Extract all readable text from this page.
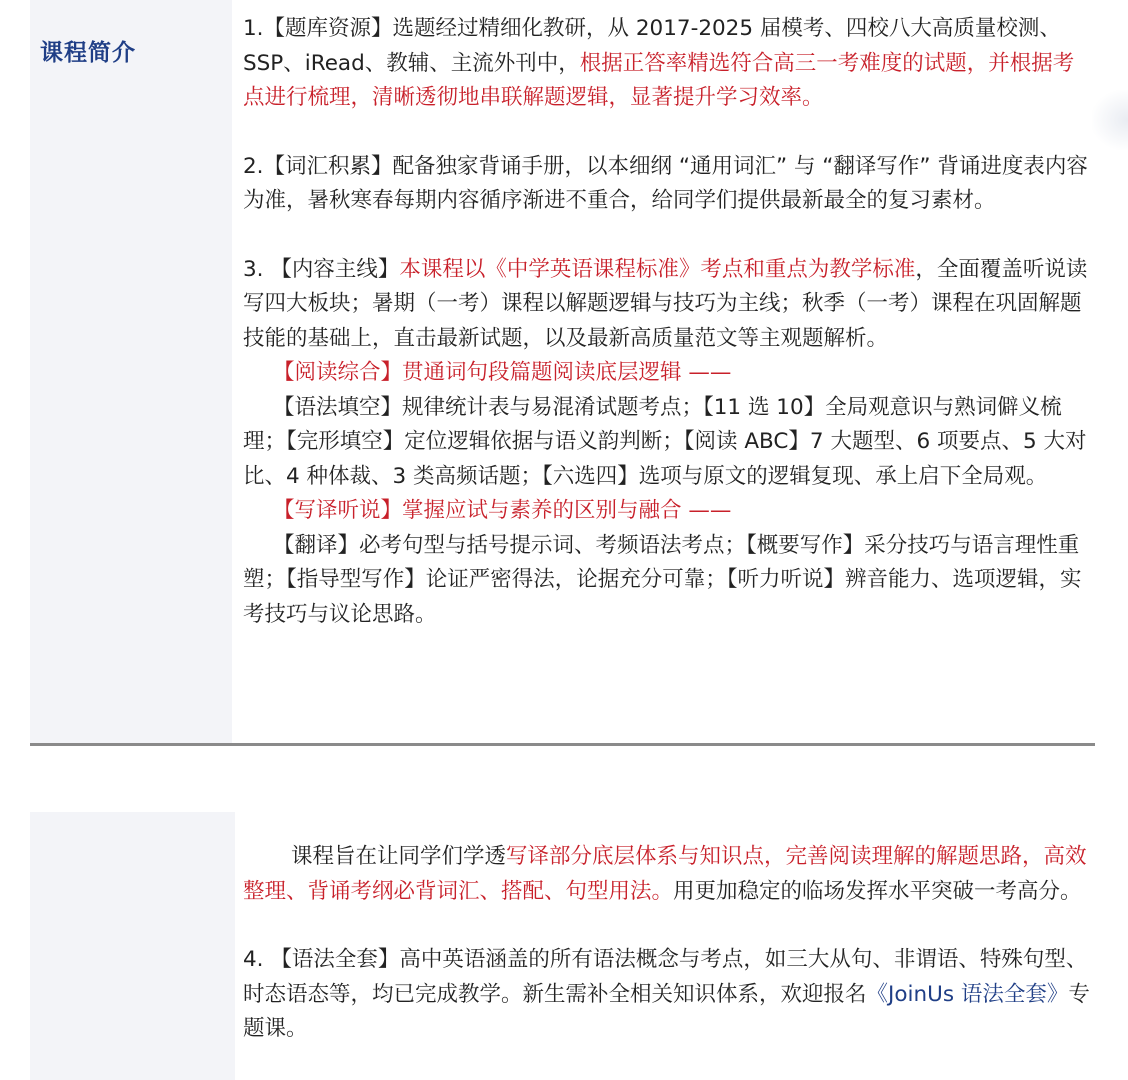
课程简介

1.【题库资源】选题经过精细化教研，从 2017-2025 届模考、四校八大高质量校测、SSP、iRead、教辅、主流外刊中，根据正答率精选符合高三一考难度的试题，并根据考点进行梳理，清晰透彻地串联解题逻辑，显著提升学习效率。

2.【词汇积累】配备独家背诵手册，以本细纲 “通用词汇” 与 “翻译写作” 背诵进度表内容为准，暑秋寒春每期内容循序渐进不重合，给同学们提供最新最全的复习素材。

3. 【内容主线】本课程以《中学英语课程标准》考点和重点为教学标准，全面覆盖听说读写四大板块；暑期（一考）课程以解题逻辑与技巧为主线；秋季（一考）课程在巩固解题技能的基础上，直击最新试题，以及最新高质量范文等主观题解析。

【阅读综合】贯通词句段篇题阅读底层逻辑 ——

【语法填空】规律统计表与易混淆试题考点；【11 选 10】全局观意识与熟词僻义梳理；【完形填空】定位逻辑依据与语义韵判断；【阅读 ABC】7 大题型、6 项要点、5 大对比、4 种体裁、3 类高频话题；【六选四】选项与原文的逻辑复现、承上启下全局观。

【写译听说】掌握应试与素养的区别与融合 ——

【翻译】必考句型与括号提示词、考频语法考点；【概要写作】采分技巧与语言理性重塑；【指导型写作】论证严密得法，论据充分可靠；【听力听说】辨音能力、选项逻辑，实考技巧与议论思路。

课程旨在让同学们学透写译部分底层体系与知识点，完善阅读理解的解题思路，高效整理、背诵考纲必背词汇、搭配、句型用法。用更加稳定的临场发挥水平突破一考高分。

4. 【语法全套】高中英语涵盖的所有语法概念与考点，如三大从句、非谓语、特殊句型、时态语态等，均已完成教学。新生需补全相关知识体系，欢迎报名《JoinUs 语法全套》专题课。
